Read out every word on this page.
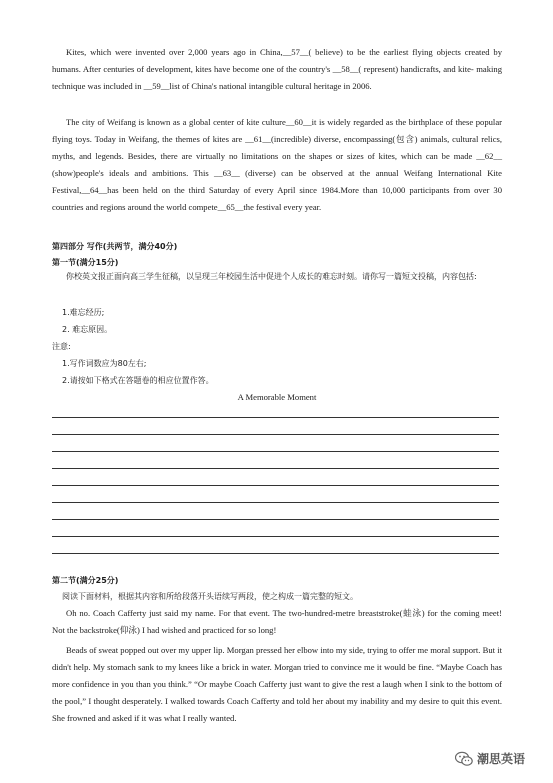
Kites, which were invented over 2,000 years ago in China,__57__( believe) to be the earliest flying objects created by humans. After centuries of development, kites have become one of the country's __58__( represent) handicrafts, and kite- making technique was included in __59__list of China's national intangible cultural heritage in 2006.

The city of Weifang is known as a global center of kite culture__60__it is widely regarded as the birthplace of these popular flying toys. Today in Weifang, the themes of kites are __61__(incredible) diverse, encompassing(包含) animals, cultural relics, myths, and legends. Besides, there are virtually no limitations on the shapes or sizes of kites, which can be made __62__ (show)people's ideals and ambitions. This __63__ (diverse) can be observed at the annual Weifang International Kite Festival,__64__has been held on the third Saturday of every April since 1984.More than 10,000 participants from over 30 countries and regions around the world compete__65__the festival every year.

第四部分 写作(共两节，满分40分)

第一节(满分15分)

你校英文报正面向高三学生征稿，以呈现三年校园生活中促进个人成长的难忘时刻。请你写一篇短文投稿，内容包括:

1.难忘经历;

2. 难忘原因。

注意:

1.写作词数应为80左右;

2.请按如下格式在答题卷的相应位置作答。

A Memorable Moment

第二节(满分25分)

阅读下面材料，根据其内容和所给段落开头语续写两段，使之构成一篇完整的短文。

Oh no. Coach Cafferty just said my name. For that event. The two-hundred-metre breaststroke(蛙泳) for the coming meet! Not the backstroke(仰泳) I had wished and practiced for so long!

Beads of sweat popped out over my upper lip. Morgan pressed her elbow into my side, trying to offer me moral support. But it didn't help. My stomach sank to my knees like a brick in water. Morgan tried to convince me it would be fine. “Maybe Coach has more confidence in you than you think.” “Or maybe Coach Cafferty just want to give the rest a laugh when I sink to the bottom of the pool,” I thought desperately. I walked towards Coach Cafferty and told her about my inability and my desire to quit this event. She frowned and asked if it was what I really wanted.

潮思英语
